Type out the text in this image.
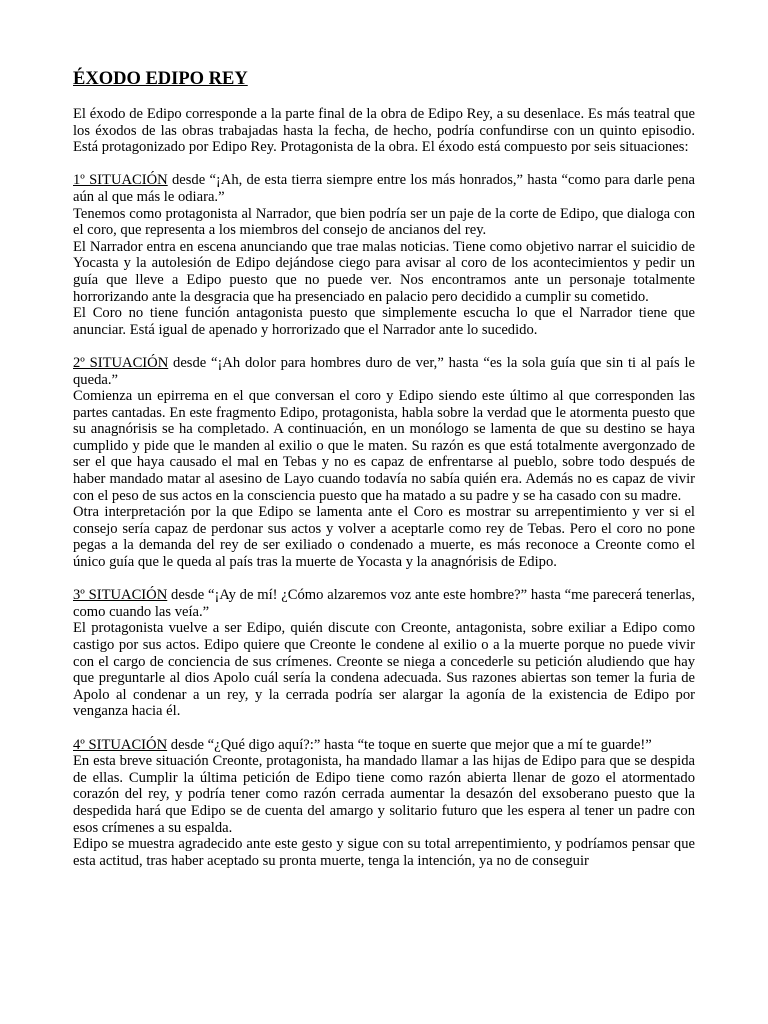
ÉXODO EDIPO REY

El éxodo de Edipo corresponde a la parte final de la obra de Edipo Rey, a su desenlace. Es más teatral que los éxodos de las obras trabajadas hasta la fecha, de hecho, podría confundirse con un quinto episodio. Está protagonizado por Edipo Rey. Protagonista de la obra. El éxodo está compuesto por seis situaciones:

1º SITUACIÓN desde “¡Ah, de esta tierra siempre entre los más honrados,” hasta “como para darle pena aún al que más le odiara.”

Tenemos como protagonista al Narrador, que bien podría ser un paje de la corte de Edipo, que dialoga con el coro, que representa a los miembros del consejo de ancianos del rey.

El Narrador entra en escena anunciando que trae malas noticias. Tiene como objetivo narrar el suicidio de Yocasta y la autolesión de Edipo dejándose ciego para avisar al coro de los acontecimientos y pedir un guía que lleve a Edipo puesto que no puede ver. Nos encontramos ante un personaje totalmente horrorizando ante la desgracia que ha presenciado en palacio pero decidido a cumplir su cometido.

El Coro no tiene función antagonista puesto que simplemente escucha lo que el Narrador tiene que anunciar. Está igual de apenado y horrorizado que el Narrador ante lo sucedido.

2º SITUACIÓN desde “¡Ah dolor para hombres duro de ver,” hasta “es la sola guía que sin ti al país le queda.”

Comienza un epirrema en el que conversan el coro y Edipo siendo este último al que corresponden las partes cantadas. En este fragmento Edipo, protagonista, habla sobre la verdad que le atormenta puesto que su anagnórisis se ha completado. A continuación, en un monólogo se lamenta de que su destino se haya cumplido y pide que le manden al exilio o que le maten. Su razón es que está totalmente avergonzado de ser el que haya causado el mal en Tebas y no es capaz de enfrentarse al pueblo, sobre todo después de haber mandado matar al asesino de Layo cuando todavía no sabía quién era. Además no es capaz de vivir con el peso de sus actos en la consciencia puesto que ha matado a su padre y se ha casado con su madre.

Otra interpretación por la que Edipo se lamenta ante el Coro es mostrar su arrepentimiento y ver si el consejo sería capaz de perdonar sus actos y volver a aceptarle como rey de Tebas. Pero el coro no pone pegas a la demanda del rey de ser exiliado o condenado a muerte, es más reconoce a Creonte como el único guía que le queda al país tras la muerte de Yocasta y la anagnórisis de Edipo.

3º SITUACIÓN desde “¡Ay de mí! ¿Cómo alzaremos voz ante este hombre?” hasta “me parecerá tenerlas, como cuando las veía.”

El protagonista vuelve a ser Edipo, quién discute con Creonte, antagonista, sobre exiliar a Edipo como castigo por sus actos. Edipo quiere que Creonte le condene al exilio o a la muerte porque no puede vivir con el cargo de conciencia de sus crímenes. Creonte se niega a concederle su petición aludiendo que hay que preguntarle al dios Apolo cuál sería la condena adecuada. Sus razones abiertas son temer la furia de Apolo al condenar a un rey, y la cerrada podría ser alargar la agonía de la existencia de Edipo por venganza hacia él.

4º SITUACIÓN desde “¿Qué digo aquí?:” hasta “te toque en suerte que mejor que a mí te guarde!”

En esta breve situación Creonte, protagonista, ha mandado llamar a las hijas de Edipo para que se despida de ellas. Cumplir la última petición de Edipo tiene como razón abierta llenar de gozo el atormentado corazón del rey, y podría tener como razón cerrada aumentar la desazón del exsoberano puesto que la despedida hará que Edipo se de cuenta del amargo y solitario futuro que les espera al tener un padre con esos crímenes a su espalda.

Edipo se muestra agradecido ante este gesto y sigue con su total arrepentimiento, y podríamos pensar que esta actitud, tras haber aceptado su pronta muerte, tenga la intención, ya no de conseguir
